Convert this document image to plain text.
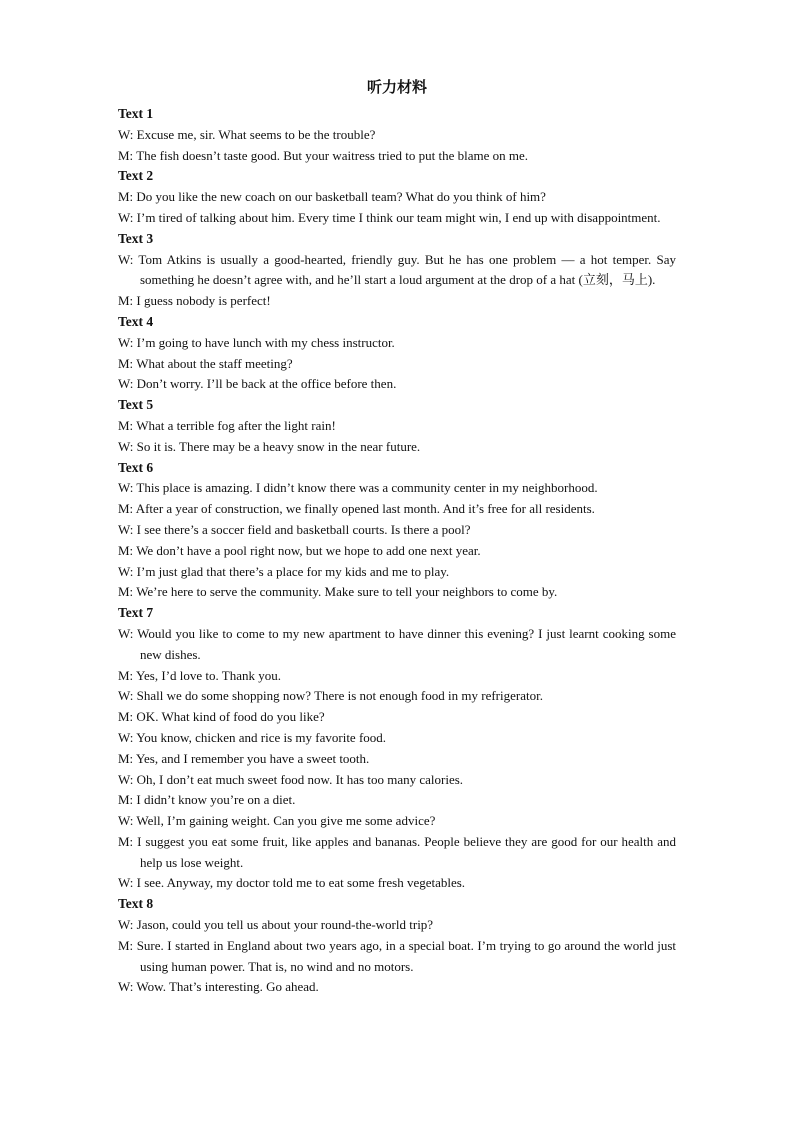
听力材料
Text 1
W: Excuse me, sir. What seems to be the trouble?
M: The fish doesn’t taste good. But your waitress tried to put the blame on me.
Text 2
M: Do you like the new coach on our basketball team? What do you think of him?
W: I’m tired of talking about him. Every time I think our team might win, I end up with disappointment.
Text 3
W: Tom Atkins is usually a good-hearted, friendly guy. But he has one problem — a hot temper. Say something he doesn’t agree with, and he’ll start a loud argument at the drop of a hat (立刻，马上).
M: I guess nobody is perfect!
Text 4
W: I’m going to have lunch with my chess instructor.
M: What about the staff meeting?
W: Don’t worry. I’ll be back at the office before then.
Text 5
M: What a terrible fog after the light rain!
W: So it is. There may be a heavy snow in the near future.
Text 6
W: This place is amazing. I didn’t know there was a community center in my neighborhood.
M: After a year of construction, we finally opened last month. And it’s free for all residents.
W: I see there’s a soccer field and basketball courts. Is there a pool?
M: We don’t have a pool right now, but we hope to add one next year.
W: I’m just glad that there’s a place for my kids and me to play.
M: We’re here to serve the community. Make sure to tell your neighbors to come by.
Text 7
W: Would you like to come to my new apartment to have dinner this evening? I just learnt cooking some new dishes.
M: Yes, I’d love to. Thank you.
W: Shall we do some shopping now? There is not enough food in my refrigerator.
M: OK. What kind of food do you like?
W: You know, chicken and rice is my favorite food.
M: Yes, and I remember you have a sweet tooth.
W: Oh, I don’t eat much sweet food now. It has too many calories.
M: I didn’t know you’re on a diet.
W: Well, I’m gaining weight. Can you give me some advice?
M: I suggest you eat some fruit, like apples and bananas. People believe they are good for our health and help us lose weight.
W: I see. Anyway, my doctor told me to eat some fresh vegetables.
Text 8
W: Jason, could you tell us about your round-the-world trip?
M: Sure. I started in England about two years ago, in a special boat. I’m trying to go around the world just using human power. That is, no wind and no motors.
W: Wow. That’s interesting. Go ahead.
